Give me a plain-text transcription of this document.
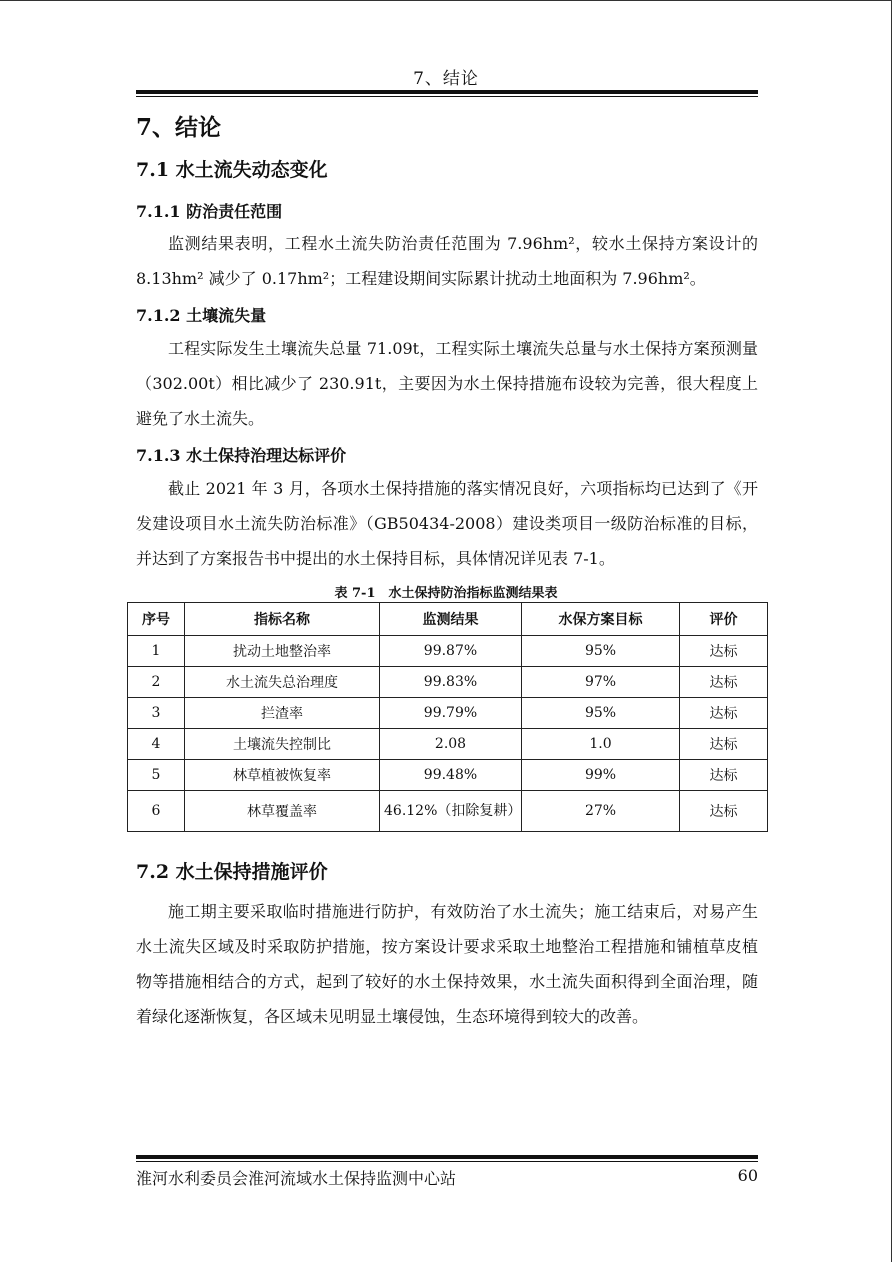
7、结论
7、结论
7.1 水土流失动态变化
7.1.1 防治责任范围

监测结果表明，工程水土流失防治责任范围为 7.96hm²，较水土保持方案设计的 8.13hm² 减少了 0.17hm²；工程建设期间实际累计扰动土地面积为 7.96hm²。

7.1.2 土壤流失量

工程实际发生土壤流失总量 71.09t，工程实际土壤流失总量与水土保持方案预测量（302.00t）相比减少了 230.91t，主要因为水土保持措施布设较为完善，很大程度上避免了水土流失。

7.1.3 水土保持治理达标评价

截止 2021 年 3 月，各项水土保持措施的落实情况良好，六项指标均已达到了《开发建设项目水土流失防治标准》（GB50434-2008）建设类项目一级防治标准的目标，并达到了方案报告书中提出的水土保持目标，具体情况详见表 7-1。

表 7-1　水土保持防治指标监测结果表
序号	指标名称	监测结果	水保方案目标	评价
1	扰动土地整治率	99.87%	95%	达标
2	水土流失总治理度	99.83%	97%	达标
3	拦渣率	99.79%	95%	达标
4	土壤流失控制比	2.08	1.0	达标
5	林草植被恢复率	99.48%	99%	达标
6	林草覆盖率	46.12%（扣除复耕）	27%	达标
7.2 水土保持措施评价

施工期主要采取临时措施进行防护，有效防治了水土流失；施工结束后，对易产生水土流失区域及时采取防护措施，按方案设计要求采取土地整治工程措施和铺植草皮植物等措施相结合的方式，起到了较好的水土保持效果，水土流失面积得到全面治理，随着绿化逐渐恢复，各区域未见明显土壤侵蚀，生态环境得到较大的改善。

淮河水利委员会淮河流域水土保持监测中心站	60
